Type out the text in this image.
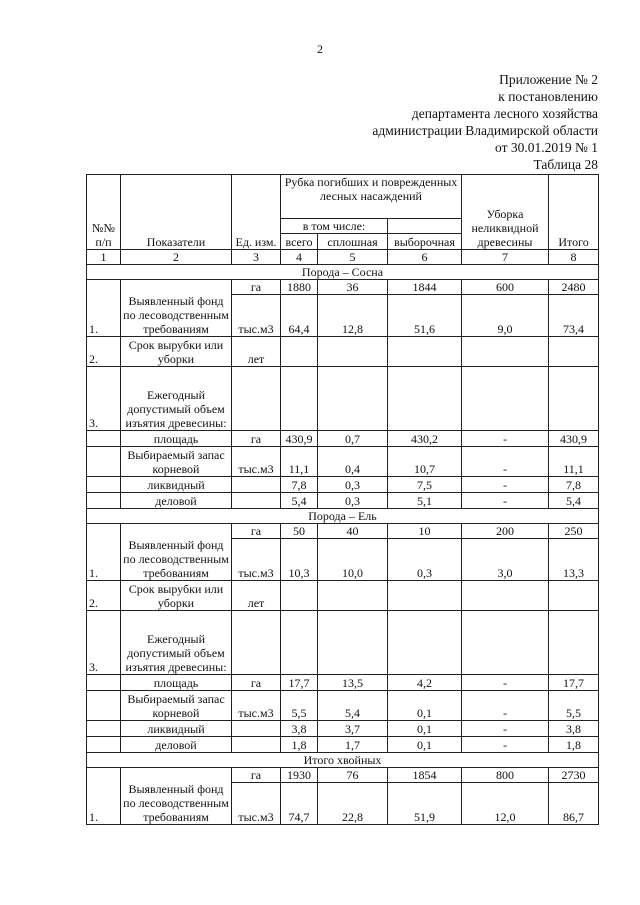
2
Приложение № 2
к постановлению
департамента лесного хозяйства
администрации Владимирской области
от 30.01.2019 № 1
Таблица 28
№№ п/п	Показатели	Ед. изм.	Рубка погибших и поврежденных лесных насаждений			Уборка неликвидной древесины	Итого
			в том числе:				
			всего	сплошная	выборочная		
1	2	3	4	5	6	7	8
Порода – Сосна							
1.	Выявленный фонд по лесоводственным требованиям	га	1880	36	1844	600	2480
		тыс.м3	64,4	12,8	51,6	9,0	73,4
2.	Срок вырубки или уборки	лет					
3.	Ежегодный допустимый объем изъятия древесины:						
	площадь	га	430,9	0,7	430,2	-	430,9
	Выбираемый запас корневой	тыс.м3	11,1	0,4	10,7	-	11,1
	ликвидный		7,8	0,3	7,5	-	7,8
	деловой		5,4	0,3	5,1	-	5,4
Порода – Ель							
1.	Выявленный фонд по лесоводственным требованиям	га	50	40	10	200	250
		тыс.м3	10,3	10,0	0,3	3,0	13,3
2.	Срок вырубки или уборки	лет					
3.	Ежегодный допустимый объем изъятия древесины:						
	площадь	га	17,7	13,5	4,2	-	17,7
	Выбираемый запас корневой	тыс.м3	5,5	5,4	0,1	-	5,5
	ликвидный		3,8	3,7	0,1	-	3,8
	деловой		1,8	1,7	0,1	-	1,8
Итого хвойных							
1.	Выявленный фонд по лесоводственным требованиям	га	1930	76	1854	800	2730
		тыс.м3	74,7	22,8	51,9	12,0	86,7
